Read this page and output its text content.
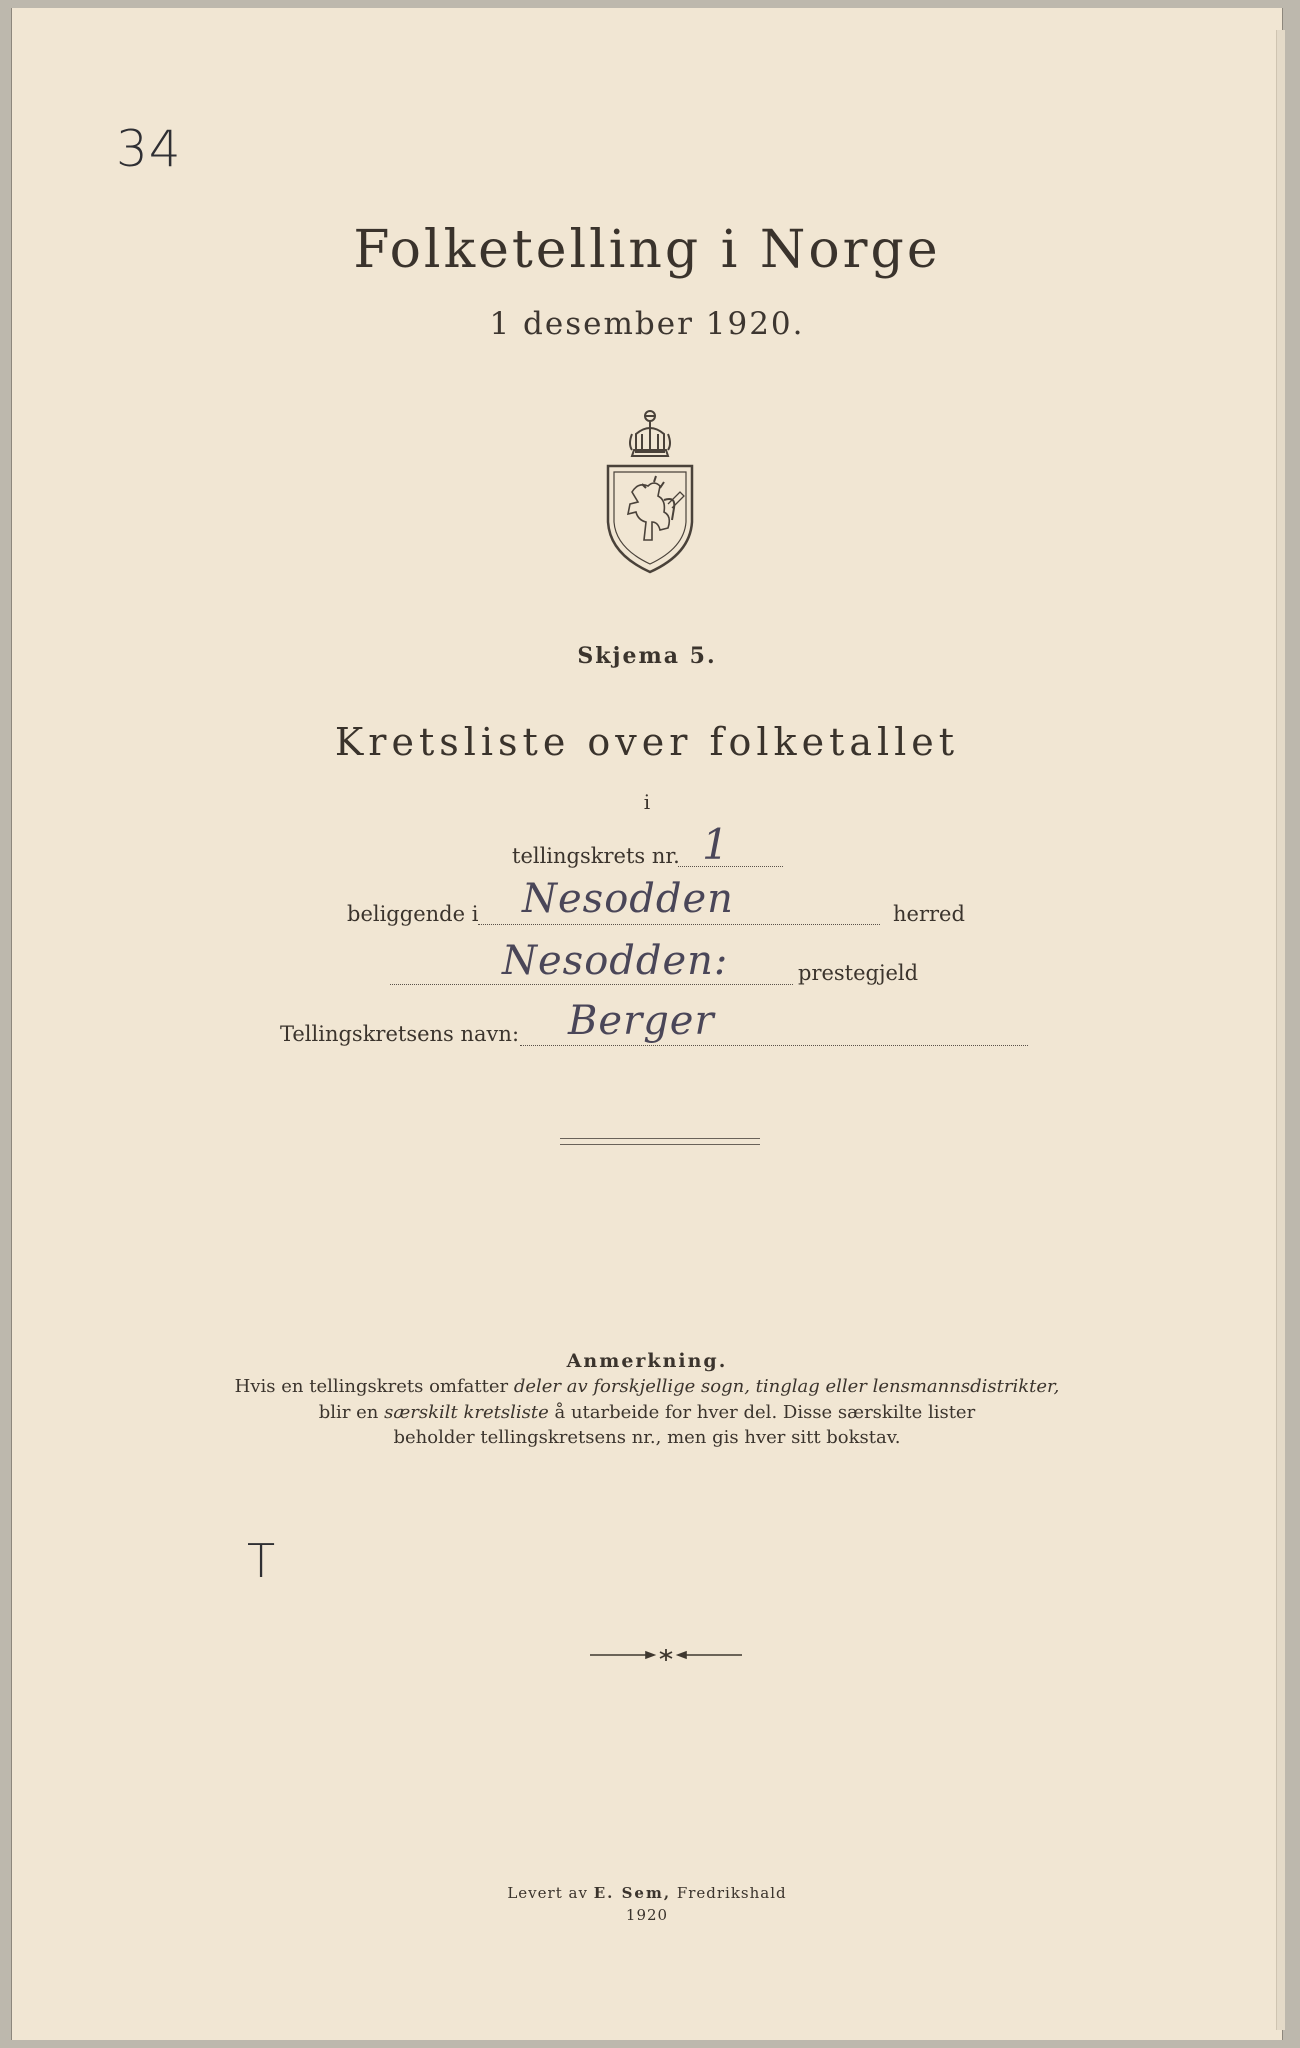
34
T
Folketelling i Norge
1 desember 1920.
Skjema 5.
Kretsliste over folketallet
i
tellingskrets nr. 1
beliggende i Nesodden	herred
Nesodden:	prestegjeld
Tellingskretsens navn: Berger
Anmerkning.
Hvis en tellingskrets omfatter deler av forskjellige sogn, tinglag eller lensmannsdistrikter,
blir en særskilt kretsliste å utarbeide for hver del. Disse særskilte lister
beholder tellingskretsens nr., men gis hver sitt bokstav.
Levert av E. Sem, Fredrikshald
1920
